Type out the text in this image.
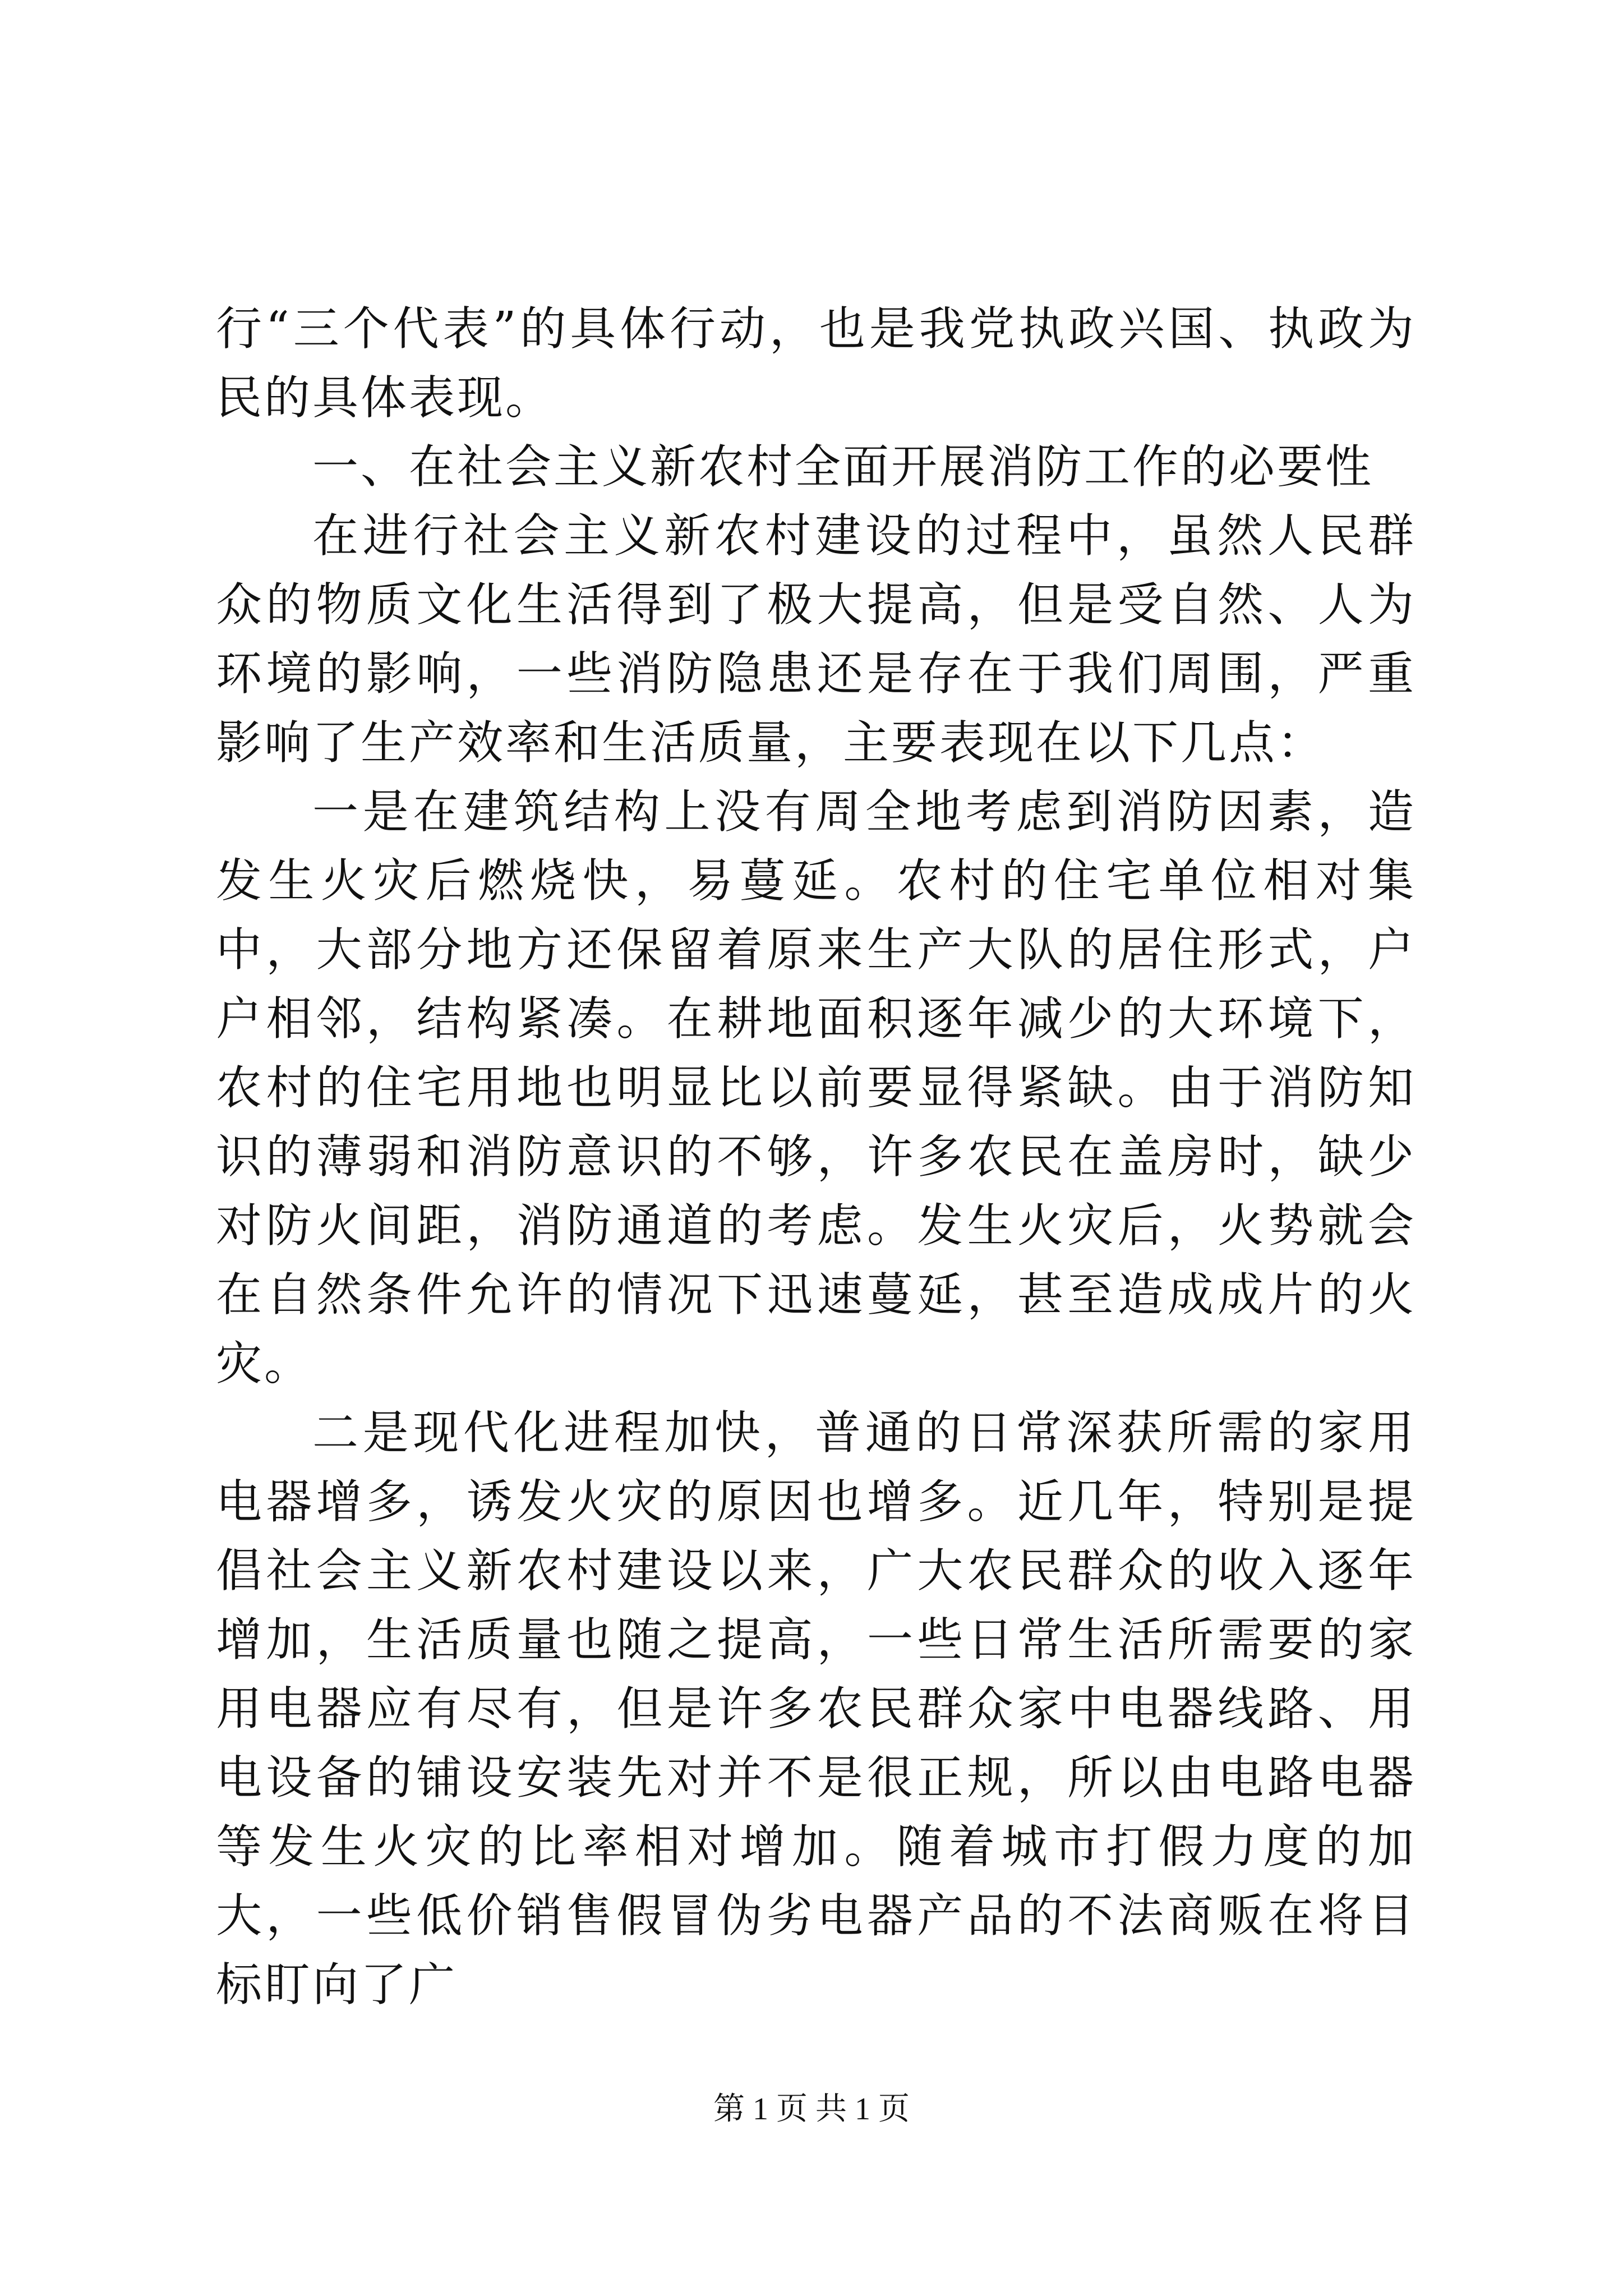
行“三个代表”的具体行动，也是我党执政兴国、执政为民的具体表现。

一、在社会主义新农村全面开展消防工作的必要性

在进行社会主义新农村建设的过程中，虽然人民群众的物质文化生活得到了极大提高，但是受自然、人为环境的影响，一些消防隐患还是存在于我们周围，严重影响了生产效率和生活质量，主要表现在以下几点：

一是在建筑结构上没有周全地考虑到消防因素，造发生火灾后燃烧快，易蔓延。农村的住宅单位相对集中，大部分地方还保留着原来生产大队的居住形式，户户相邻，结构紧凑。在耕地面积逐年减少的大环境下，农村的住宅用地也明显比以前要显得紧缺。由于消防知识的薄弱和消防意识的不够，许多农民在盖房时，缺少对防火间距，消防通道的考虑。发生火灾后，火势就会在自然条件允许的情况下迅速蔓延，甚至造成成片的火灾。

二是现代化进程加快，普通的日常深获所需的家用电器增多，诱发火灾的原因也增多。近几年，特别是提倡社会主义新农村建设以来，广大农民群众的收入逐年增加，生活质量也随之提高，一些日常生活所需要的家用电器应有尽有，但是许多农民群众家中电器线路、用电设备的铺设安装先对并不是很正规，所以由电路电器等发生火灾的比率相对增加。随着城市打假力度的加大，一些低价销售假冒伪劣电器产品的不法商贩在将目标盯向了广

第 1 页 共 1 页
